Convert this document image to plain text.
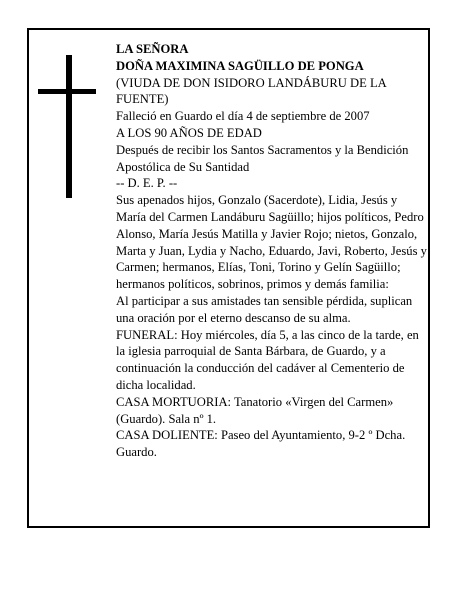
LA SEÑORA

DOÑA MAXIMINA SAGÜILLO DE PONGA

(VIUDA DE DON ISIDORO LANDÁBURU DE LA FUENTE)

Falleció en Guardo el día 4 de septiembre de 2007

A LOS 90 AÑOS DE EDAD

Después de recibir los Santos Sacramentos y la Bendición Apostólica de Su Santidad

-- D. E. P. --

Sus apenados hijos, Gonzalo (Sacerdote), Lidia, Jesús y María del Carmen Landáburu Sagüillo; hijos políticos, Pedro Alonso, María Jesús Matilla y Javier Rojo; nietos, Gonzalo, Marta y Juan, Lydia y Nacho, Eduardo, Javi, Roberto, Jesús y Carmen; hermanos, Elías, Toni, Torino y Gelín Sagüillo; hermanos políticos, sobrinos, primos y demás familia:

Al participar a sus amistades tan sensible pérdida, suplican una oración por el eterno descanso de su alma.

FUNERAL: Hoy miércoles, día 5, a las cinco de la tarde, en la iglesia parroquial de Santa Bárbara, de Guardo, y a continuación la conducción del cadáver al Cementerio de dicha localidad.

CASA MORTUORIA: Tanatorio «Virgen del Carmen» (Guardo). Sala nº 1.

CASA DOLIENTE: Paseo del Ayuntamiento, 9-2 º Dcha. Guardo.
